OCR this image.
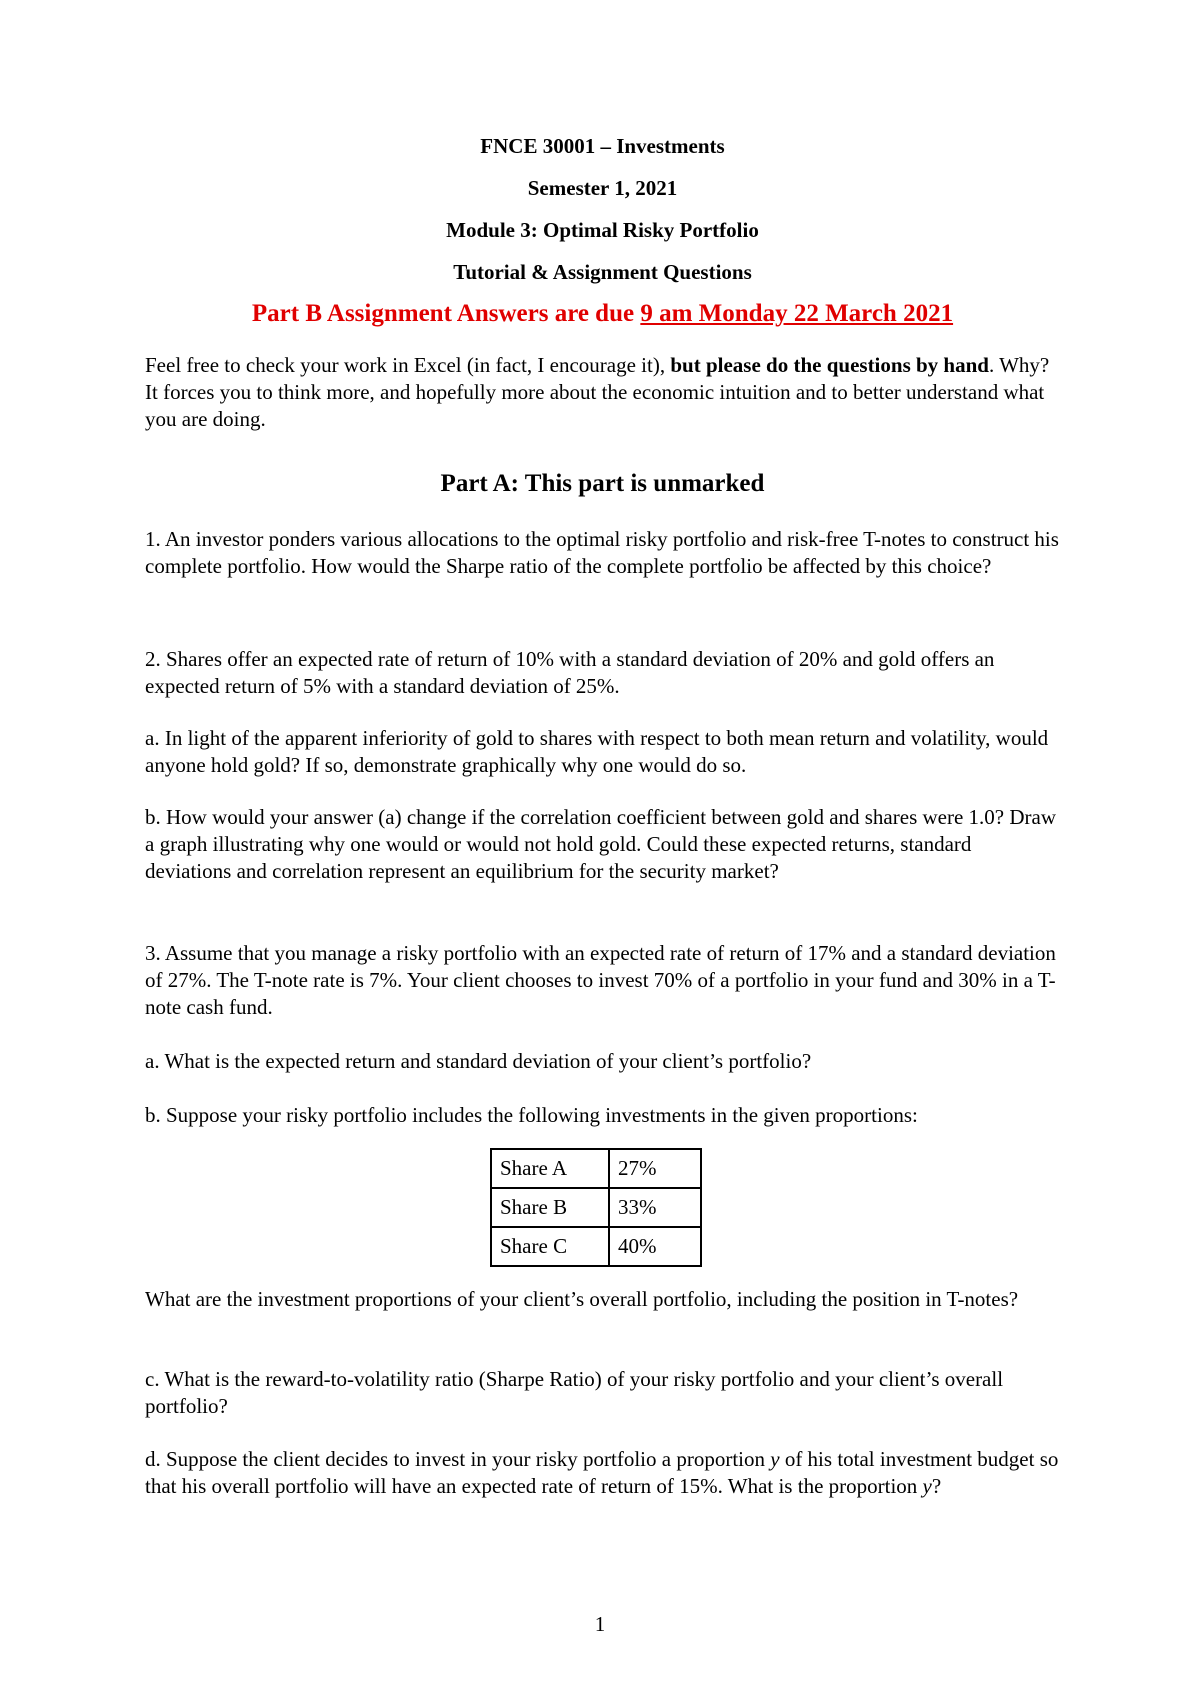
FNCE 30001 – Investments
Semester 1, 2021
Module 3: Optimal Risky Portfolio
Tutorial & Assignment Questions
Part B Assignment Answers are due 9 am Monday 22 March 2021
Feel free to check your work in Excel (in fact, I encourage it), but please do the questions by hand. Why? It forces you to think more, and hopefully more about the economic intuition and to better understand what you are doing.
Part A: This part is unmarked
1. An investor ponders various allocations to the optimal risky portfolio and risk-free T-notes to construct his complete portfolio. How would the Sharpe ratio of the complete portfolio be affected by this choice?
2. Shares offer an expected rate of return of 10% with a standard deviation of 20% and gold offers an expected return of 5% with a standard deviation of 25%.
a. In light of the apparent inferiority of gold to shares with respect to both mean return and volatility, would anyone hold gold? If so, demonstrate graphically why one would do so.
b. How would your answer (a) change if the correlation coefficient between gold and shares were 1.0? Draw a graph illustrating why one would or would not hold gold. Could these expected returns, standard deviations and correlation represent an equilibrium for the security market?
3. Assume that you manage a risky portfolio with an expected rate of return of 17% and a standard deviation of 27%. The T-note rate is 7%. Your client chooses to invest 70% of a portfolio in your fund and 30% in a T-note cash fund.
a. What is the expected return and standard deviation of your client’s portfolio?
b. Suppose your risky portfolio includes the following investments in the given proportions:
Share A	27%
Share B	33%
Share C	40%
What are the investment proportions of your client’s overall portfolio, including the position in T-notes?
c. What is the reward-to-volatility ratio (Sharpe Ratio) of your risky portfolio and your client’s overall portfolio?
d. Suppose the client decides to invest in your risky portfolio a proportion y of his total investment budget so that his overall portfolio will have an expected rate of return of 15%. What is the proportion y?
1
